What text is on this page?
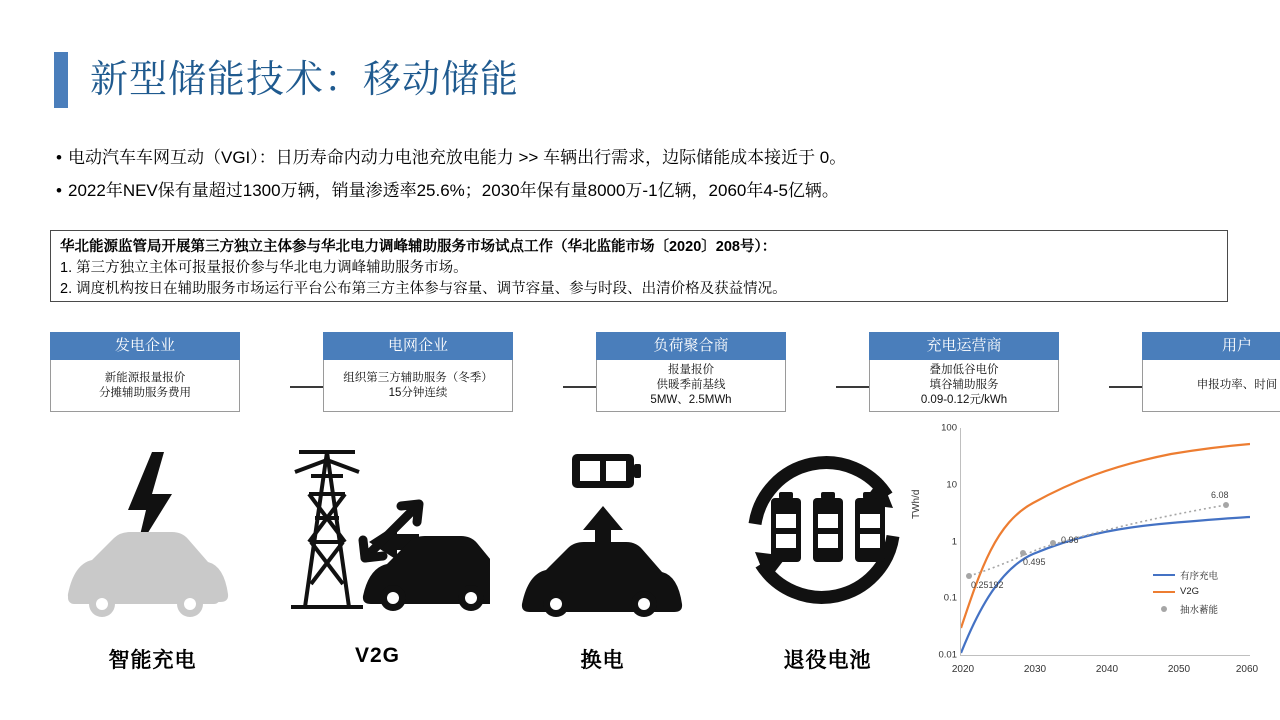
新型储能技术：移动储能
• 电动汽车车网互动（VGI）：日历寿命内动力电池充放电能力 >> 车辆出行需求，边际储能成本接近于 0。
• 2022年NEV保有量超过1300万辆，销量渗透率25.6%；2030年保有量8000万-1亿辆，2060年4-5亿辆。
华北能源监管局开展第三方独立主体参与华北电力调峰辅助服务市场试点工作（华北监能市场〔2020〕208号）：
1. 第三方独立主体可报量报价参与华北电力调峰辅助服务市场。
2. 调度机构按日在辅助服务市场运行平台公布第三方主体参与容量、调节容量、参与时段、出清价格及获益情况。
发电企业
新能源报量报价
分摊辅助服务费用
电网企业
组织第三方辅助服务（冬季）
15分钟连续
负荷聚合商
报量报价
供暖季前基线
5MW、2.5MWh
充电运营商
叠加低谷电价
填谷辅助服务
0.09-0.12元/kWh
用户
申报功率、时间
智能充电	V2G	换电	退役电池
TWh/d
100
10
1
0.1
0.01
0.25192
0.495
0.96
6.08
有序充电
V2G
抽水蓄能
2020	2030	2040	2050	2060
